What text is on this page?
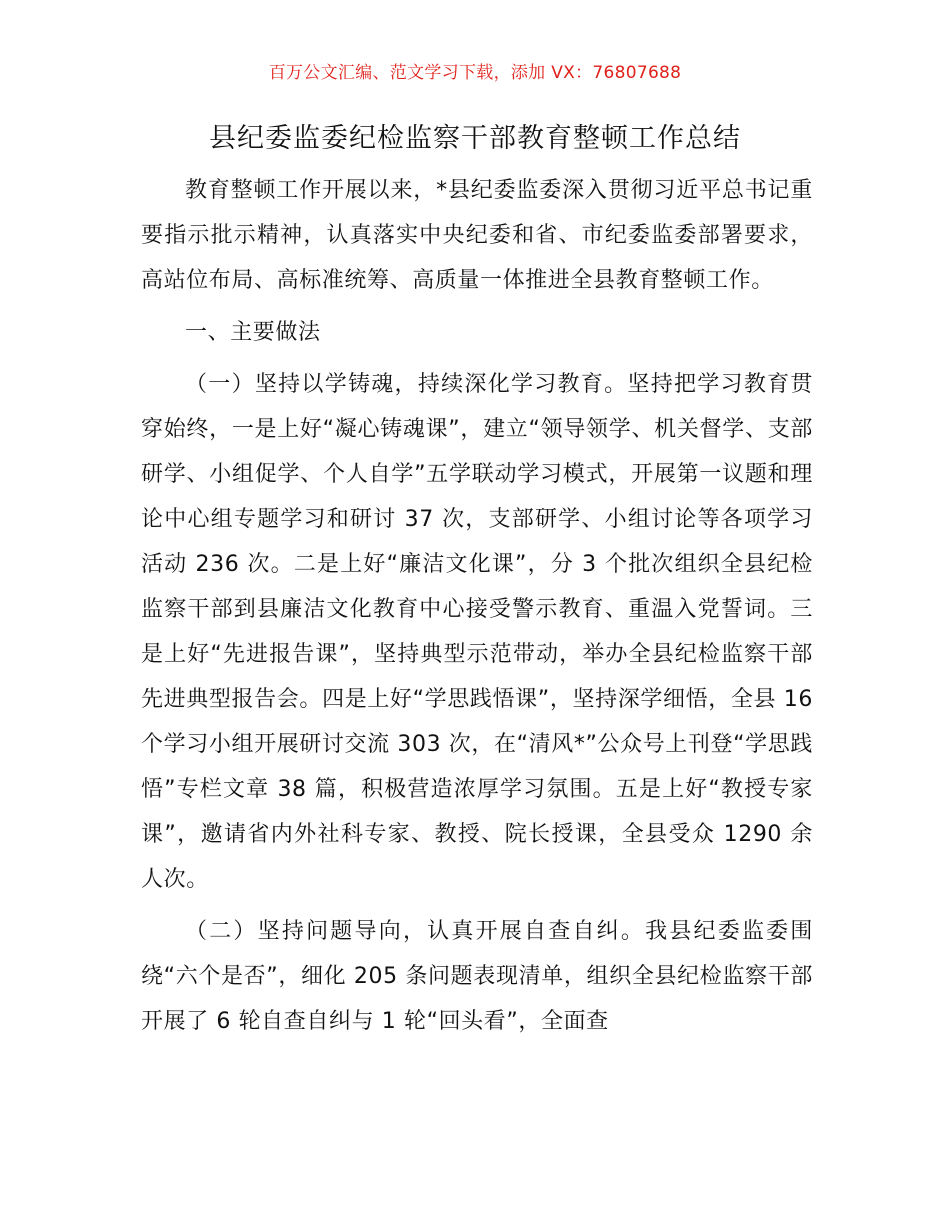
百万公文汇编、范文学习下载，添加 VX：76807688
县纪委监委纪检监察干部教育整顿工作总结

教育整顿工作开展以来，*县纪委监委深入贯彻习近平总书记重要指示批示精神，认真落实中央纪委和省、市纪委监委部署要求，高站位布局、高标准统筹、高质量一体推进全县教育整顿工作。

一、主要做法

（一）坚持以学铸魂，持续深化学习教育。坚持把学习教育贯穿始终，一是上好“凝心铸魂课”，建立“领导领学、机关督学、支部研学、小组促学、个人自学”五学联动学习模式，开展第一议题和理论中心组专题学习和研讨 37 次，支部研学、小组讨论等各项学习活动 236 次。二是上好“廉洁文化课”，分 3 个批次组织全县纪检监察干部到县廉洁文化教育中心接受警示教育、重温入党誓词。三是上好“先进报告课”，坚持典型示范带动，举办全县纪检监察干部先进典型报告会。四是上好“学思践悟课”，坚持深学细悟，全县 16 个学习小组开展研讨交流 303 次，在“清风*”公众号上刊登“学思践悟”专栏文章 38 篇，积极营造浓厚学习氛围。五是上好“教授专家课”，邀请省内外社科专家、教授、院长授课，全县受众 1290 余人次。

（二）坚持问题导向，认真开展自查自纠。我县纪委监委围绕“六个是否”，细化 205 条问题表现清单，组织全县纪检监察干部开展了 6 轮自查自纠与 1 轮“回头看”，全面查
